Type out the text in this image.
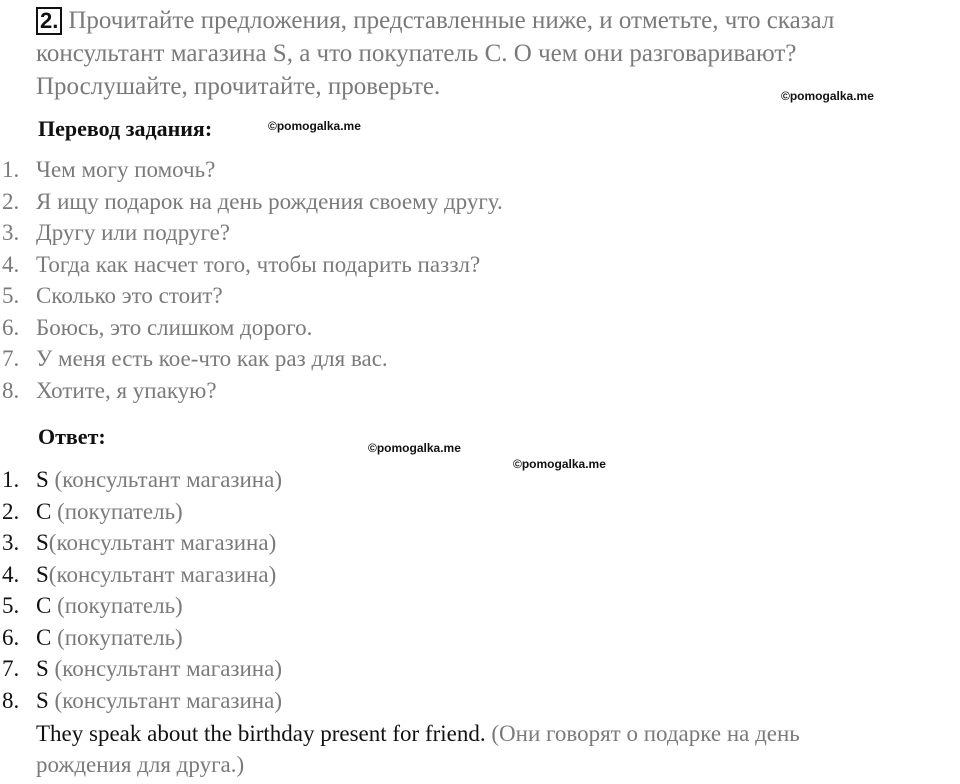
2. Прочитайте предложения, представленные ниже, и отметьте, что сказал
консультант магазина S, а что покупатель С. О чем они разговаривают?
Прослушайте, прочитайте, проверьте.	©pomogalka.me
Перевод задания:	©pomogalka.me
1. Чем могу помочь?
2. Я ищу подарок на день рождения своему другу.
3. Другу или подруге?
4. Тогда как насчет того, чтобы подарить паззл?
5. Сколько это стоит?
6. Боюсь, это слишком дорого.
7. У меня есть кое-что как раз для вас.
8. Хотите, я упакую?
Ответ:	©pomogalka.me
©pomogalka.me
1. S (консультант магазина)
2. С (покупатель)
3. S(консультант магазина)
4. S(консультант магазина)
5. С (покупатель)
6. С (покупатель)
7. S (консультант магазина)
8. S (консультант магазина)
They speak about the birthday present for friend. (Они говорят о подарке на день
рождения для друга.)
